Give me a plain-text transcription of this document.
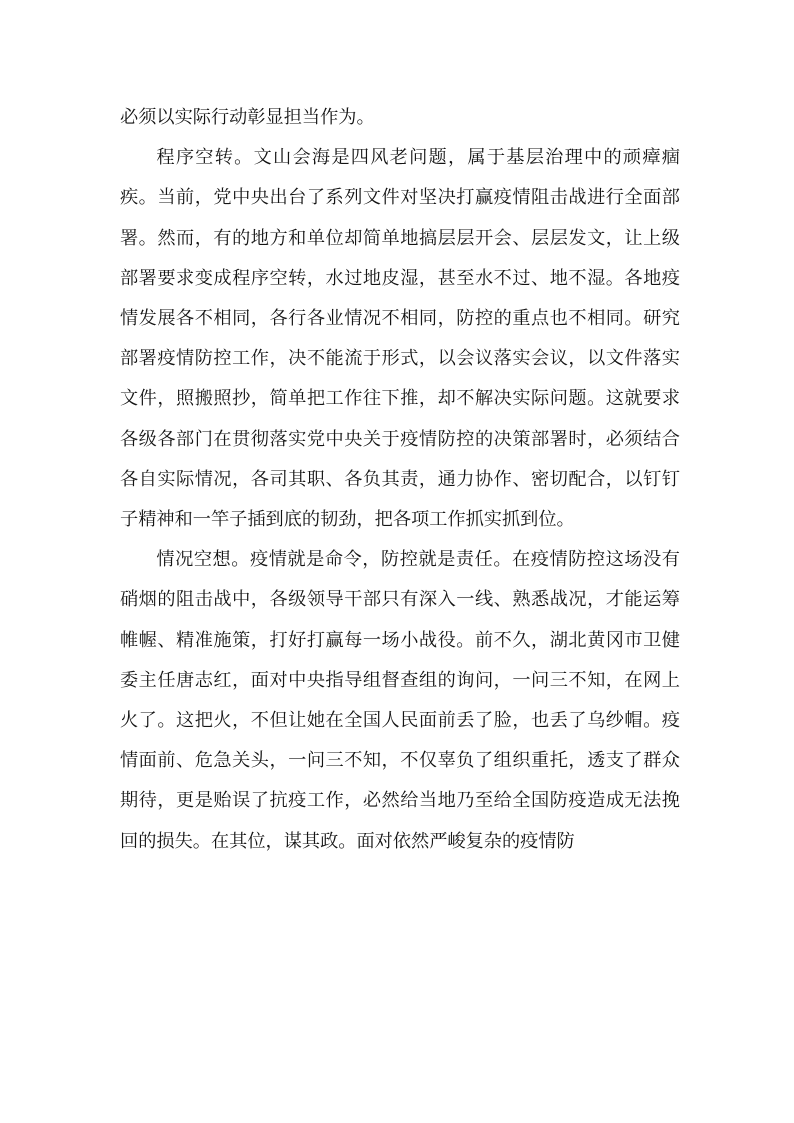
必须以实际行动彰显担当作为。

程序空转。文山会海是四风老问题，属于基层治理中的顽瘴痼疾。当前，党中央出台了系列文件对坚决打赢疫情阻击战进行全面部署。然而，有的地方和单位却简单地搞层层开会、层层发文，让上级部署要求变成程序空转，水过地皮湿，甚至水不过、地不湿。各地疫情发展各不相同，各行各业情况不相同，防控的重点也不相同。研究部署疫情防控工作，决不能流于形式，以会议落实会议，以文件落实文件，照搬照抄，简单把工作往下推，却不解决实际问题。这就要求各级各部门在贯彻落实党中央关于疫情防控的决策部署时，必须结合各自实际情况，各司其职、各负其责，通力协作、密切配合，以钉钉子精神和一竿子插到底的韧劲，把各项工作抓实抓到位。

情况空想。疫情就是命令，防控就是责任。在疫情防控这场没有硝烟的阻击战中，各级领导干部只有深入一线、熟悉战况，才能运筹帷幄、精准施策，打好打赢每一场小战役。前不久，湖北黄冈市卫健委主任唐志红，面对中央指导组督查组的询问，一问三不知，在网上火了。这把火，不但让她在全国人民面前丢了脸，也丢了乌纱帽。疫情面前、危急关头，一问三不知，不仅辜负了组织重托，透支了群众期待，更是贻误了抗疫工作，必然给当地乃至给全国防疫造成无法挽回的损失。在其位，谋其政。面对依然严峻复杂的疫情防
